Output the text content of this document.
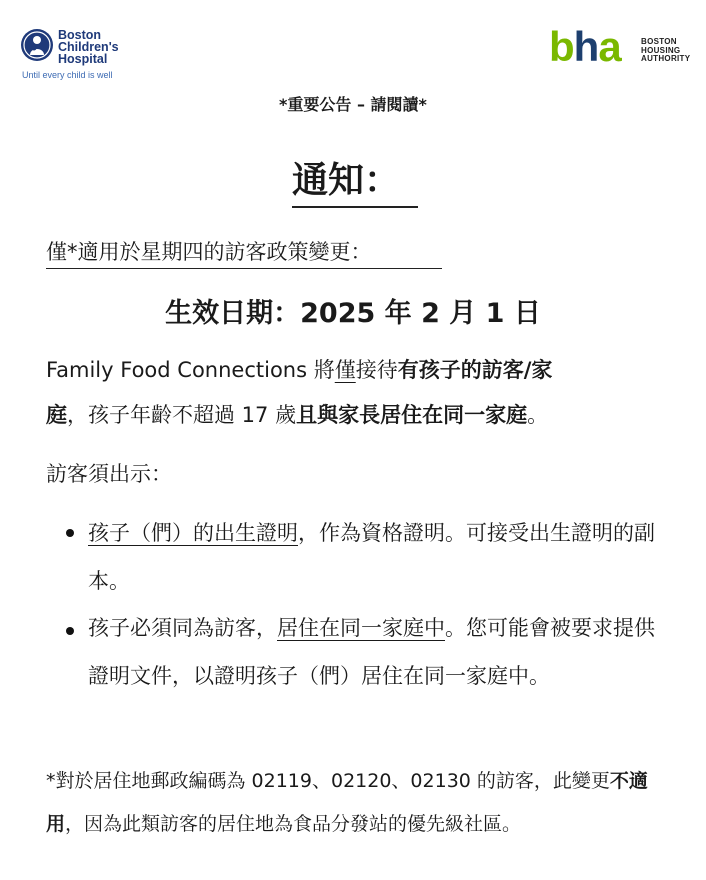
Boston Children's Hospital
Until every child is well
bha	BOSTON
HOUSING
AUTHORITY
*重要公告 – 請閱讀*
通知：
僅*適用於星期四的訪客政策變更：
生效日期：2025 年 2 月 1 日
Family Food Connections 將僅接待有孩子的訪客/家
庭，孩子年齡不超過 17 歲且與家長居住在同一家庭。
訪客須出示：
孩子（們）的出生證明，作為資格證明。可接受出生證明的副本。
孩子必須同為訪客，居住在同一家庭中。您可能會被要求提供證明文件，以證明孩子（們）居住在同一家庭中。
*對於居住地郵政編碼為 02119、02120、02130 的訪客，此變更不適用，因為此類訪客的居住地為食品分發站的優先級社區。
